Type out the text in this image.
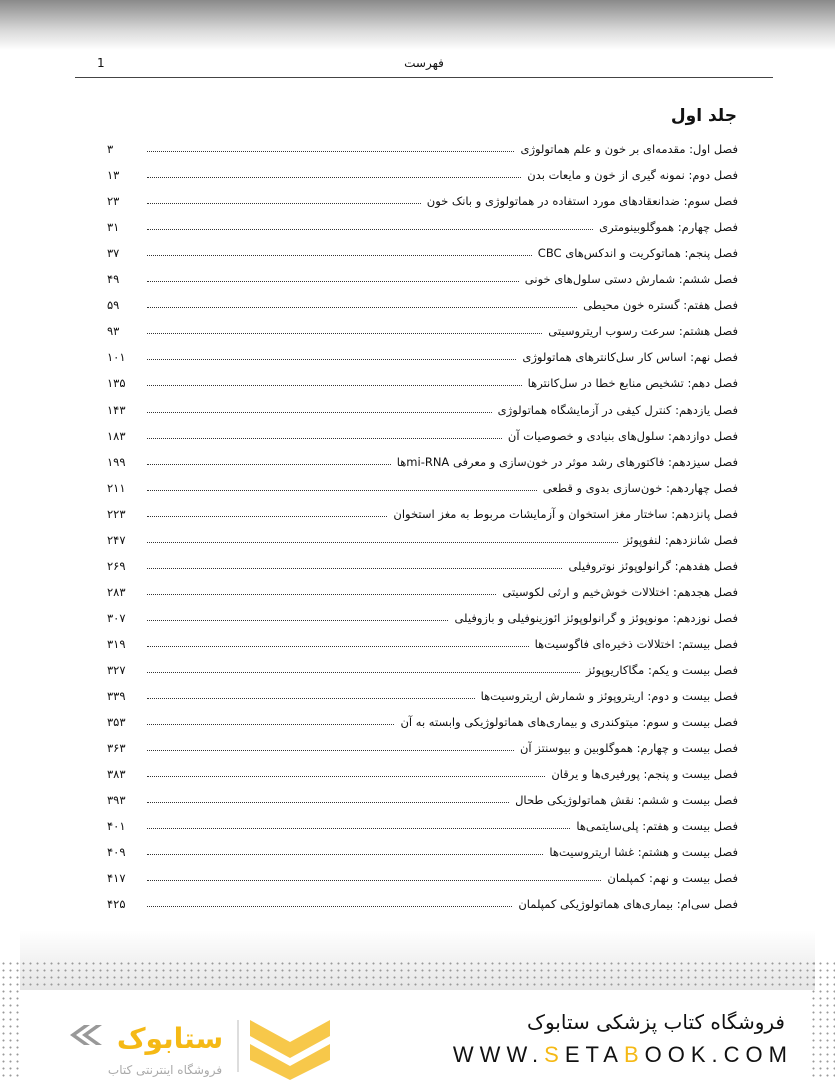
فهرست
1
جلد اول
فصل اول: مقدمه‌ای بر خون و علم هماتولوژی
۳
فصل دوم: نمونه گیری از خون و مایعات بدن
۱۳
فصل سوم: ضدانعقادهای مورد استفاده در هماتولوژی و بانک خون
۲۳
فصل چهارم: هموگلوبینومتری
۳۱
فصل پنجم: هماتوکریت و اندکس‌های CBC
۳۷
فصل ششم: شمارش دستی سلول‌های خونی
۴۹
فصل هفتم: گستره خون محیطی
۵۹
فصل هشتم: سرعت رسوب اریتروسیتی
۹۳
فصل نهم: اساس کار سل‌کانترهای هماتولوژی
۱۰۱
فصل دهم: تشخیص منابع خطا در سل‌کانترها
۱۳۵
فصل یازدهم: کنترل کیفی در آزمایشگاه هماتولوژی
۱۴۳
فصل دوازدهم: سلول‌های بنیادی و خصوصیات آن
۱۸۳
فصل سیزدهم: فاکتورهای رشد موثر در خون‌سازی و معرفی mi-RNAها
۱۹۹
فصل چهاردهم: خون‌سازی بدوی و قطعی
۲۱۱
فصل پانزدهم: ساختار مغز استخوان و آزمایشات مربوط به مغز استخوان
۲۲۳
فصل شانزدهم: لنفوپوئز
۲۴۷
فصل هفدهم: گرانولوپوئز نوتروفیلی
۲۶۹
فصل هجدهم: اختلالات خوش‌خیم و ارثی لکوسیتی
۲۸۳
فصل نوزدهم: مونوپوئز و گرانولوپوئز ائوزینوفیلی و بازوفیلی
۳۰۷
فصل بیستم: اختلالات ذخیره‌ای فاگوسیت‌ها
۳۱۹
فصل بیست و یکم: مگاکاریوپوئز
۳۲۷
فصل بیست و دوم: اریتروپوئز و شمارش اریتروسیت‌ها
۳۳۹
فصل بیست و سوم: میتوکندری و بیماری‌های هماتولوژیکی وابسته به آن
۳۵۳
فصل بیست و چهارم: هموگلوبین و بیوسنتز آن
۳۶۳
فصل بیست و پنجم: پورفیری‌ها و یرقان
۳۸۳
فصل بیست و ششم: نقش هماتولوژیکی طحال
۳۹۳
فصل بیست و هفتم: پلی‌سایتمی‌ها
۴۰۱
فصل بیست و هشتم: غشا اریتروسیت‌ها
۴۰۹
فصل بیست و نهم: کمپلمان
۴۱۷
فصل سی‌ام: بیماری‌های هماتولوژیکی کمپلمان
۴۲۵
ستابوک
فروشگاه اینترنتی کتاب
فروشگاه کتاب پزشکی ستابوک
WWW.SETABOOK.COM
